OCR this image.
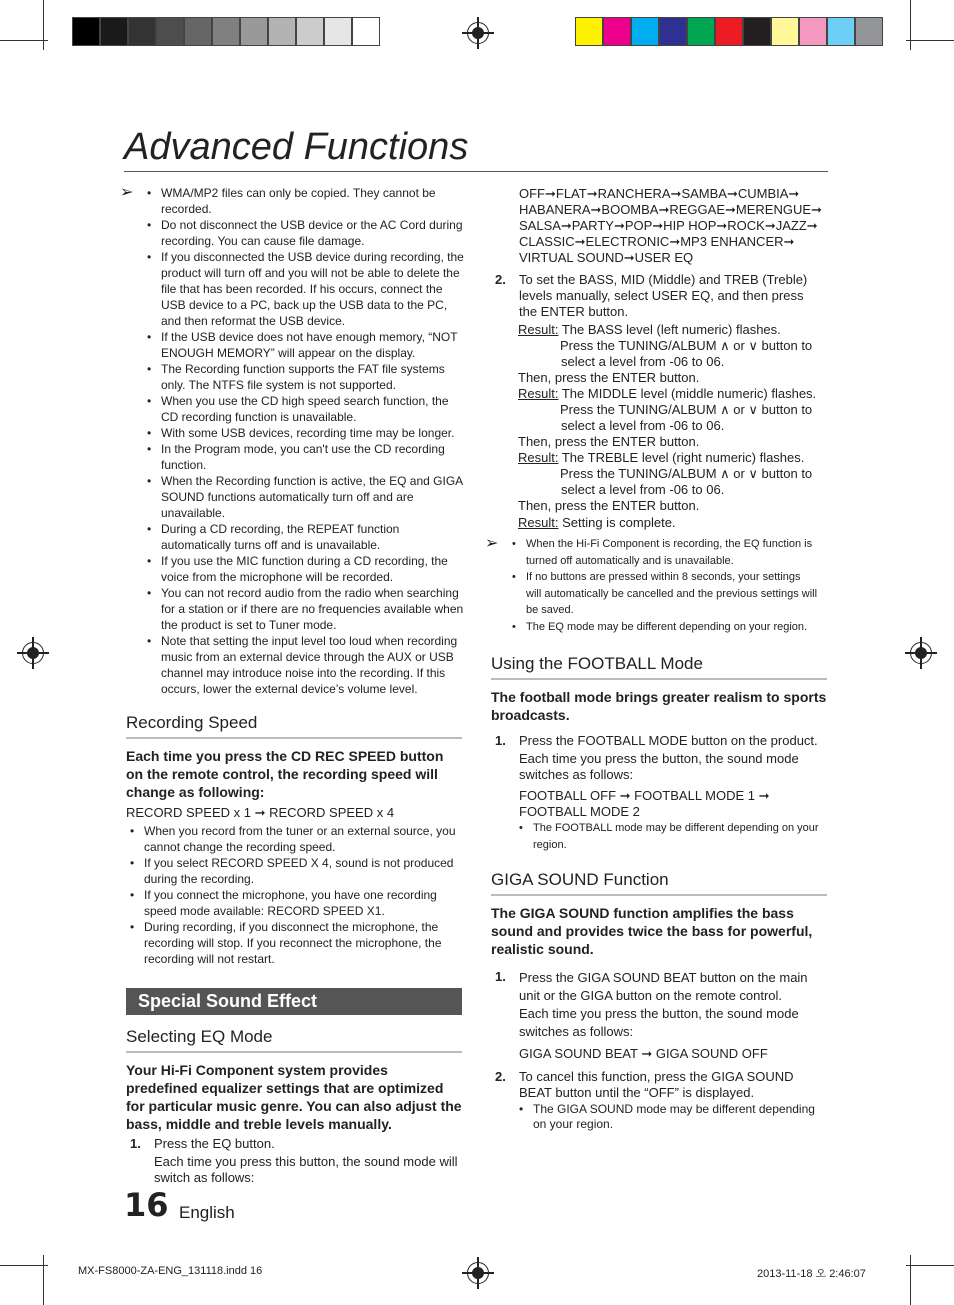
Advanced Functions
➢	• WMA/MP2 files can only be copied. They cannot be recorded.
• Do not disconnect the USB device or the AC Cord during recording. You can cause file damage.
• If you disconnected the USB device during recording, the product will turn off and you will not be able to delete the file that has been recorded. If his occurs, connect the USB device to a PC, back up the USB data to the PC, and then reformat the USB device.
• If the USB device does not have enough memory, “NOT ENOUGH MEMORY” will appear on the display.
• The Recording function supports the FAT file systems only. The NTFS file system is not supported.
• When you use the CD high speed search function, the CD recording function is unavailable.
• With some USB devices, recording time may be longer.
• In the Program mode, you can't use the CD recording function.
• When the Recording function is active, the EQ and GIGA SOUND functions automatically turn off and are unavailable.
• During a CD recording, the REPEAT function automatically turns off and is unavailable.
• If you use the MIC function during a CD recording, the voice from the microphone will be recorded.
• You can not record audio from the radio when searching for a station or if there are no frequencies available when the product is set to Tuner mode.
• Note that setting the input level too loud when recording music from an external device through the AUX or USB channel may introduce noise into the recording. If this occurs, lower the external device’s volume level.
Recording Speed
Each time you press the CD REC SPEED button on the remote control, the recording speed will change as following:
RECORD SPEED x 1 ➞ RECORD SPEED x 4
• When you record from the tuner or an external source, you cannot change the recording speed.
• If you select RECORD SPEED X 4, sound is not produced during the recording.
• If you connect the microphone, you have one recording speed mode available: RECORD SPEED X1.
• During recording, if you disconnect the microphone, the recording will stop. If you reconnect the microphone, the recording will not restart.
Special Sound Effect
Selecting EQ Mode
Your Hi-Fi Component system provides predefined equalizer settings that are optimized for particular music genre. You can also adjust the bass, middle and treble levels manually.
1. Press the EQ button.
Each time you press this button, the sound mode will switch as follows:
16 English
OFF➞FLAT➞RANCHERA➞SAMBA➞CUMBIA➞
HABANERA➞BOOMBA➞REGGAE➞MERENGUE➞
SALSA➞PARTY➞POP➞HIP HOP➞ROCK➞JAZZ➞
CLASSIC➞ELECTRONIC➞MP3 ENHANCER➞
VIRTUAL SOUND➞USER EQ
2. To set the BASS, MID (Middle) and TREB (Treble) levels manually, select USER EQ, and then press the ENTER button.
Result: The BASS level (left numeric) flashes.
Press the TUNING/ALBUM ∧ or ∨ button to
select a level from -06 to 06.
Then, press the ENTER button.
Result: The MIDDLE level (middle numeric) flashes.
Press the TUNING/ALBUM ∧ or ∨ button to
select a level from -06 to 06.
Then, press the ENTER button.
Result: The TREBLE level (right numeric) flashes.
Press the TUNING/ALBUM ∧ or ∨ button to
select a level from -06 to 06.
Then, press the ENTER button.
Result: Setting is complete.
➢	• When the Hi-Fi Component is recording, the EQ function is turned off automatically and is unavailable.
• If no buttons are pressed within 8 seconds, your settings will automatically be cancelled and the previous settings will be saved.
• The EQ mode may be different depending on your region.
Using the FOOTBALL Mode
The football mode brings greater realism to sports broadcasts.
1. Press the FOOTBALL MODE button on the product.
Each time you press the button, the sound mode switches as follows:
FOOTBALL OFF ➞ FOOTBALL MODE 1 ➞
FOOTBALL MODE 2
• The FOOTBALL mode may be different depending on your region.
GIGA SOUND Function
The GIGA SOUND function amplifies the bass sound and provides twice the bass for powerful, realistic sound.
1. Press the GIGA SOUND BEAT button on the main unit or the GIGA button on the remote control.
Each time you press the button, the sound mode switches as follows:
GIGA SOUND BEAT ➞ GIGA SOUND OFF
2. To cancel this function, press the GIGA SOUND BEAT button until the “OFF” is displayed.
• The GIGA SOUND mode may be different depending on your region.
MX-FS8000-ZA-ENG_131118.indd 16	2013-11-18 오 2:46:07
